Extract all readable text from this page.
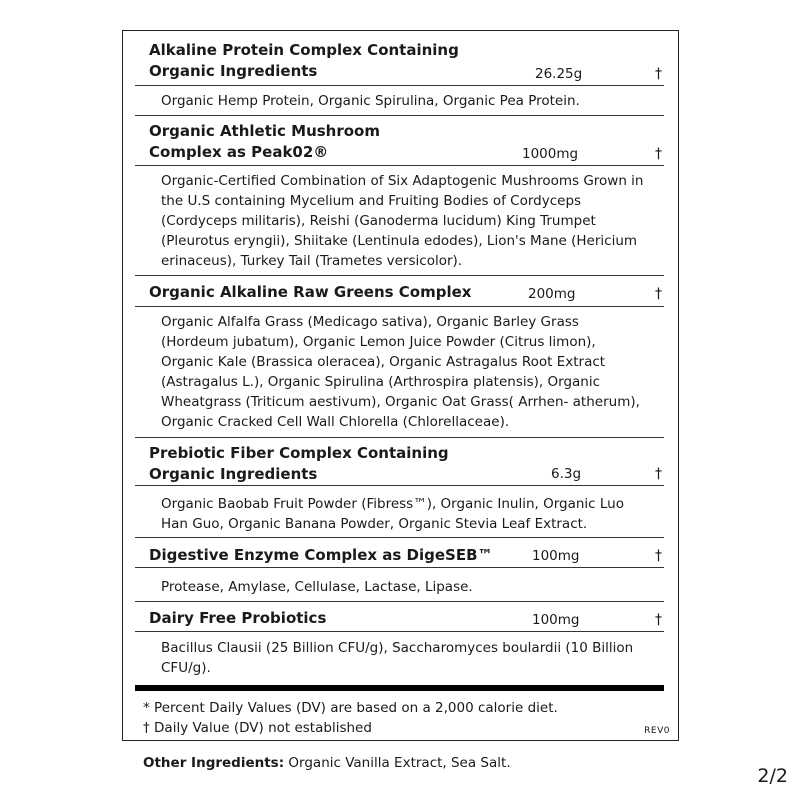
Alkaline Protein Complex Containing
Organic Ingredients	26.25g	†
Organic Hemp Protein, Organic Spirulina, Organic Pea Protein.
Organic Athletic Mushroom
Complex as Peak02®	1000mg	†
Organic-Certified Combination of Six Adaptogenic Mushrooms Grown in the U.S containing Mycelium and Fruiting Bodies of Cordyceps (Cordyceps militaris), Reishi (Ganoderma lucidum) King Trumpet (Pleurotus eryngii), Shiitake (Lentinula edodes), Lion's Mane (Hericium erinaceus), Turkey Tail (Trametes versicolor).
Organic Alkaline Raw Greens Complex	200mg	†
Organic Alfalfa Grass (Medicago sativa), Organic Barley Grass (Hordeum jubatum), Organic Lemon Juice Powder (Citrus limon), Organic Kale (Brassica oleracea), Organic Astragalus Root Extract (Astragalus L.), Organic Spirulina (Arthrospira platensis), Organic Wheatgrass (Triticum aestivum), Organic Oat Grass( Arrhen- atherum), Organic Cracked Cell Wall Chlorella (Chlorellaceae).
Prebiotic Fiber Complex Containing
Organic Ingredients	6.3g	†
Organic Baobab Fruit Powder (Fibress™), Organic Inulin, Organic Luo Han Guo, Organic Banana Powder, Organic Stevia Leaf Extract.
Digestive Enzyme Complex as DigeSEB™	100mg	†
Protease, Amylase, Cellulase, Lactase, Lipase.
Dairy Free Probiotics	100mg	†
Bacillus Clausii (25 Billion CFU/g), Saccharomyces boulardii (10 Billion CFU/g).
* Percent Daily Values (DV) are based on a 2,000 calorie diet.
† Daily Value (DV) not established	REV0
Other Ingredients: Organic Vanilla Extract, Sea Salt.
2/2
